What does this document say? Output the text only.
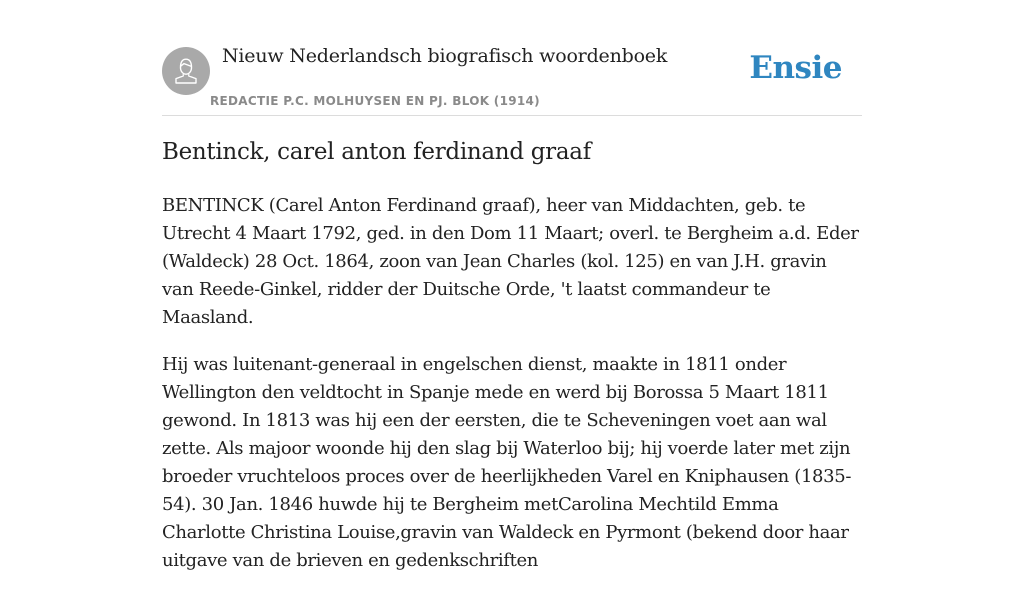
Nieuw Nederlandsch biografisch woordenboek
REDACTIE P.C. MOLHUYSEN EN PJ. BLOK (1914)
Ensie
Bentinck, carel anton ferdinand graaf

BENTINCK (Carel Anton Ferdinand graaf), heer van Middachten, geb. te Utrecht 4 Maart 1792, ged. in den Dom 11 Maart; overl. te Bergheim a.d. Eder (Waldeck) 28 Oct. 1864, zoon van Jean Charles (kol. 125) en van J.H. gravin van Reede-Ginkel, ridder der Duitsche Orde, 't laatst commandeur te Maasland.

Hij was luitenant-generaal in engelschen dienst, maakte in 1811 onder Wellington den veldtocht in Spanje mede en werd bij Borossa 5 Maart 1811 gewond. In 1813 was hij een der eersten, die te Scheveningen voet aan wal zette. Als majoor woonde hij den slag bij Waterloo bij; hij voerde later met zijn broeder vruchteloos proces over de heerlijkheden Varel en Kniphausen (1835-54). 30 Jan. 1846 huwde hij te Bergheim metCarolina Mechtild Emma Charlotte Christina Louise,gravin van Waldeck en Pyrmont (bekend door haar uitgave van de brieven en gedenkschriften
